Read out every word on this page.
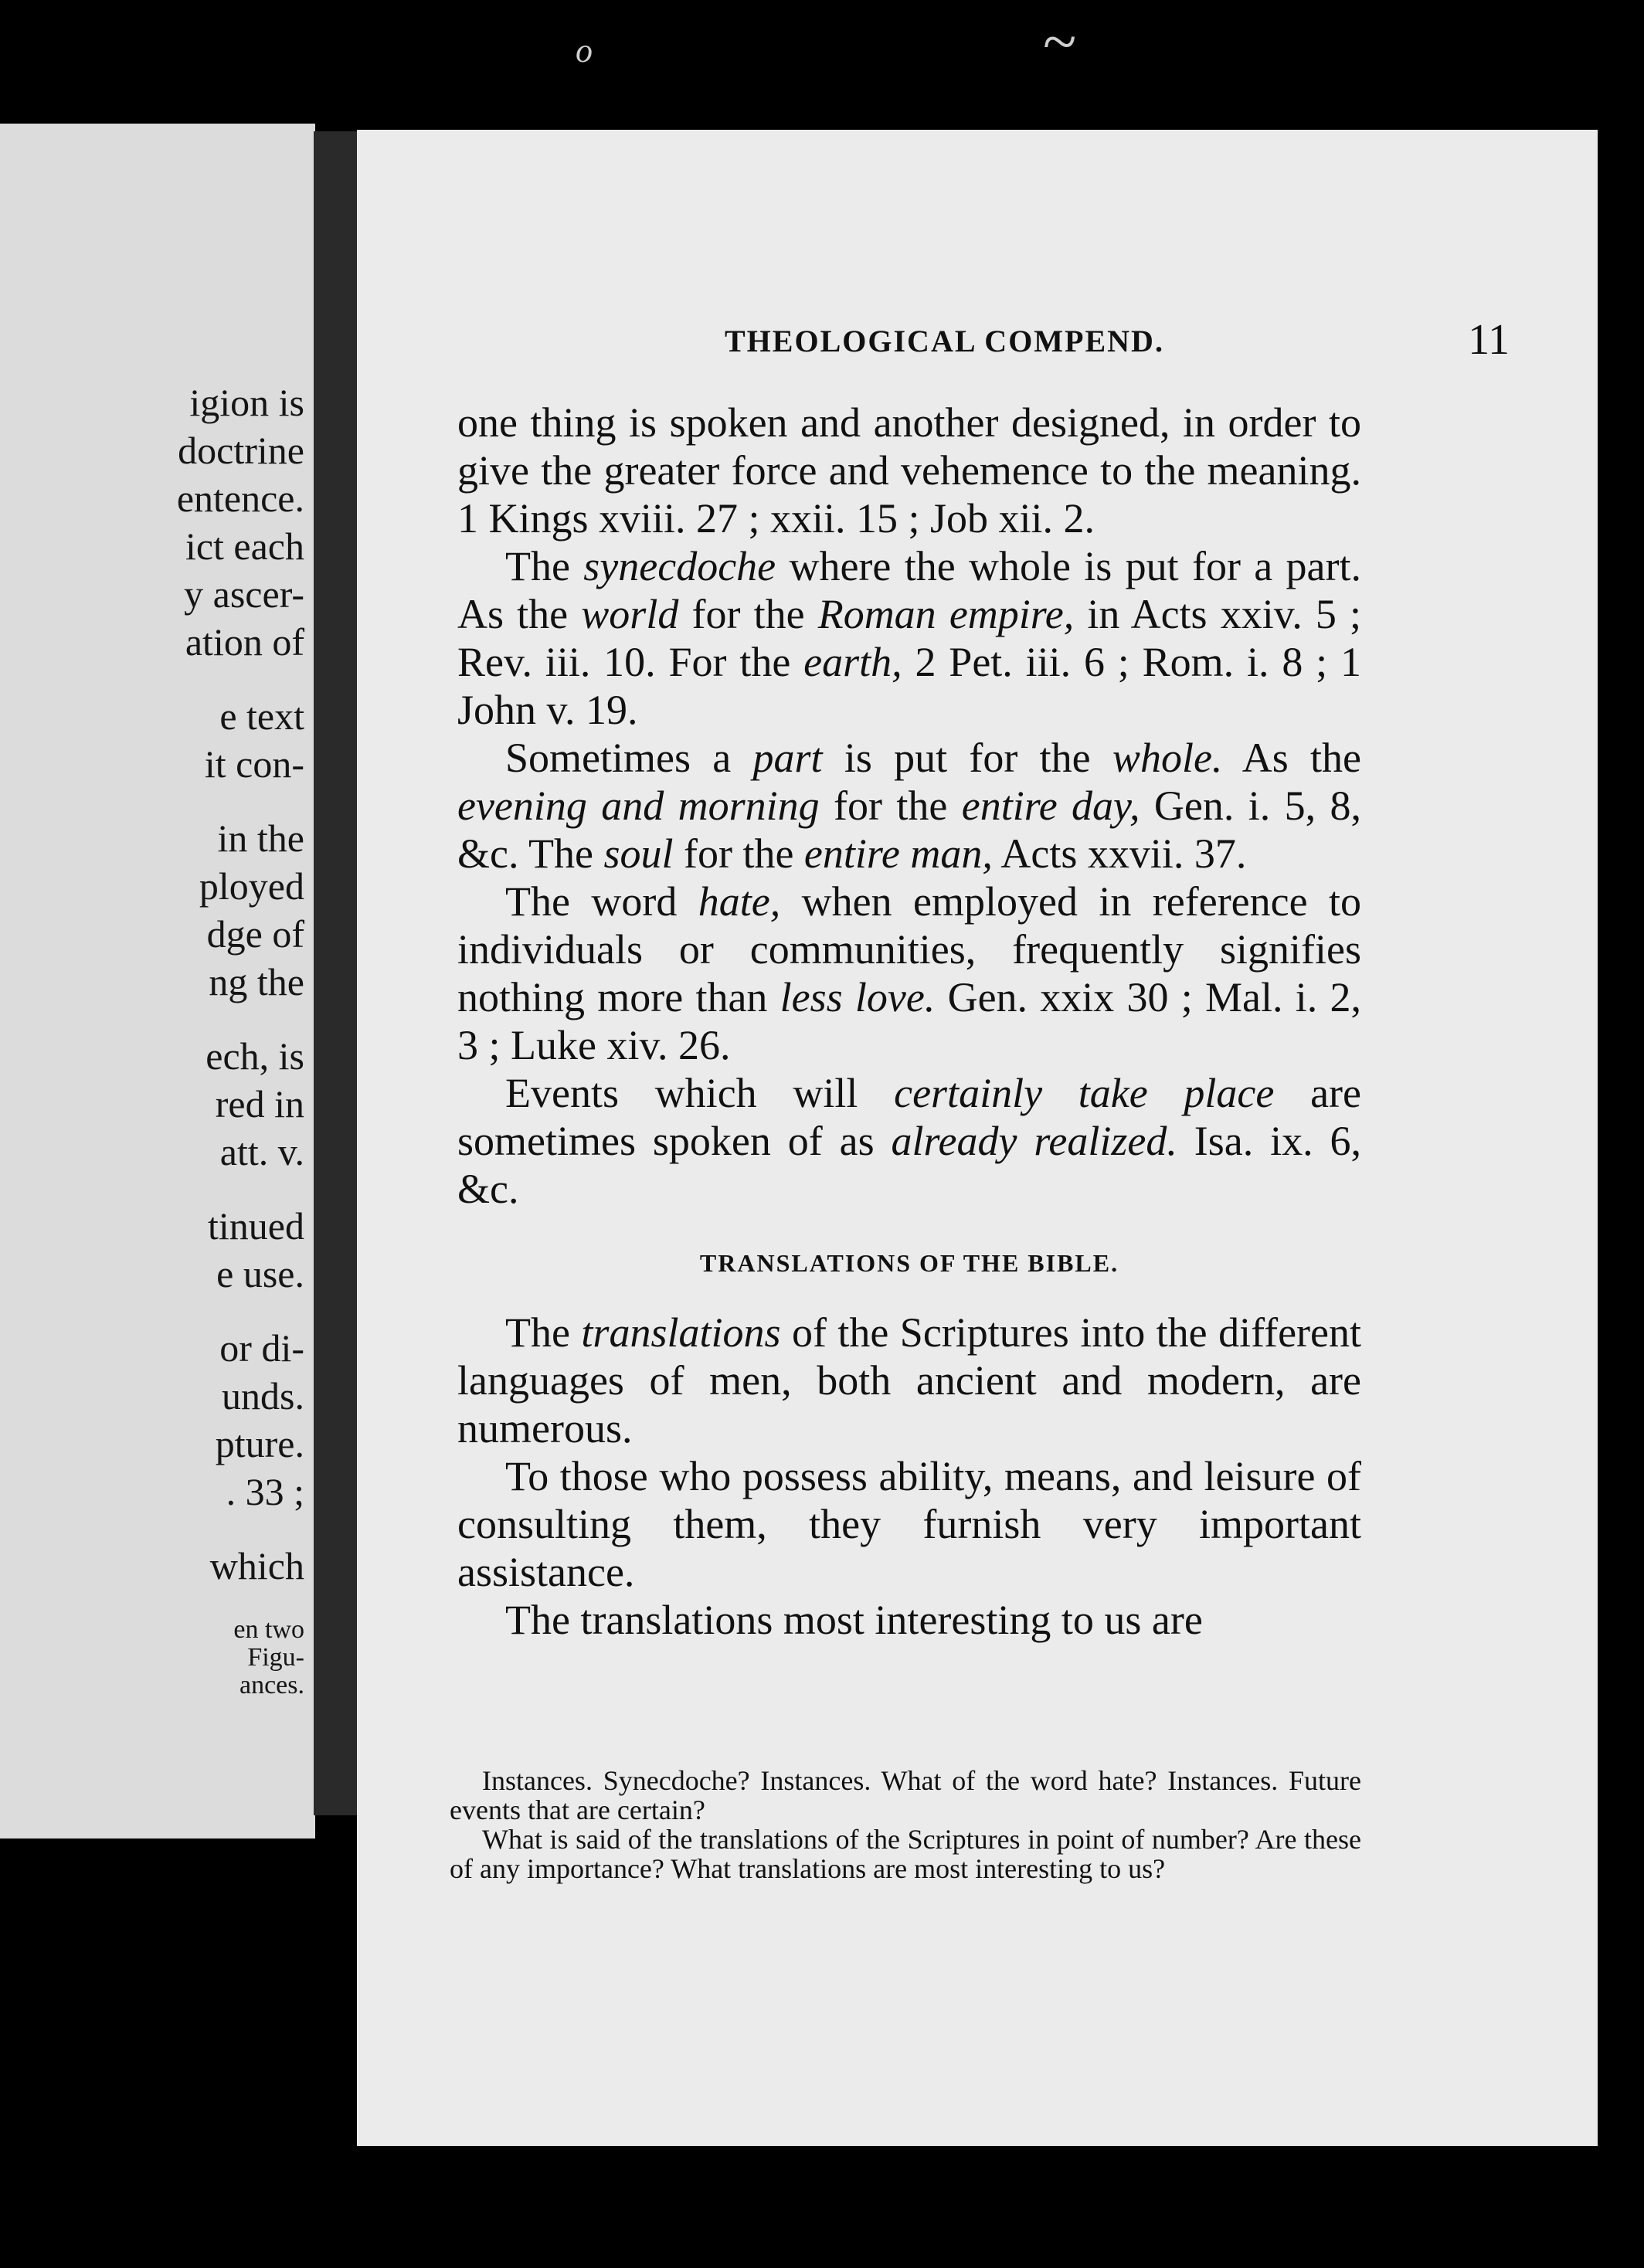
igion is
doctrine
entence.
ict each
y ascer-
ation of
e text
it con-
in the
ployed
dge of
ng the
ech, is
red in
att. v.
tinued
e use.
or di-
unds.
pture.
. 33 ;
which
en two
Figu-
ances.
o	~
THEOLOGICAL COMPEND.	11

one thing is spoken and another designed, in order to give the greater force and vehemence to the meaning. 1 Kings xviii. 27 ; xxii. 15 ; Job xii. 2.

The synecdoche where the whole is put for a part. As the world for the Roman empire, in Acts xxiv. 5 ; Rev. iii. 10. For the earth, 2 Pet. iii. 6 ; Rom. i. 8 ; 1 John v. 19.

Sometimes a part is put for the whole. As the evening and morning for the entire day, Gen. i. 5, 8, &c. The soul for the entire man, Acts xxvii. 37.

The word hate, when employed in reference to individuals or communities, frequently signifies nothing more than less love. Gen. xxix 30 ; Mal. i. 2, 3 ; Luke xiv. 26.

Events which will certainly take place are sometimes spoken of as already realized. Isa. ix. 6, &c.

TRANSLATIONS OF THE BIBLE.

The translations of the Scriptures into the different languages of men, both ancient and modern, are numerous.

To those who possess ability, means, and leisure of consulting them, they furnish very important assistance.

The translations most interesting to us are

Instances. Synecdoche? Instances. What of the word hate? Instances. Future events that are certain?

What is said of the translations of the Scriptures in point of number? Are these of any importance? What translations are most interesting to us?
